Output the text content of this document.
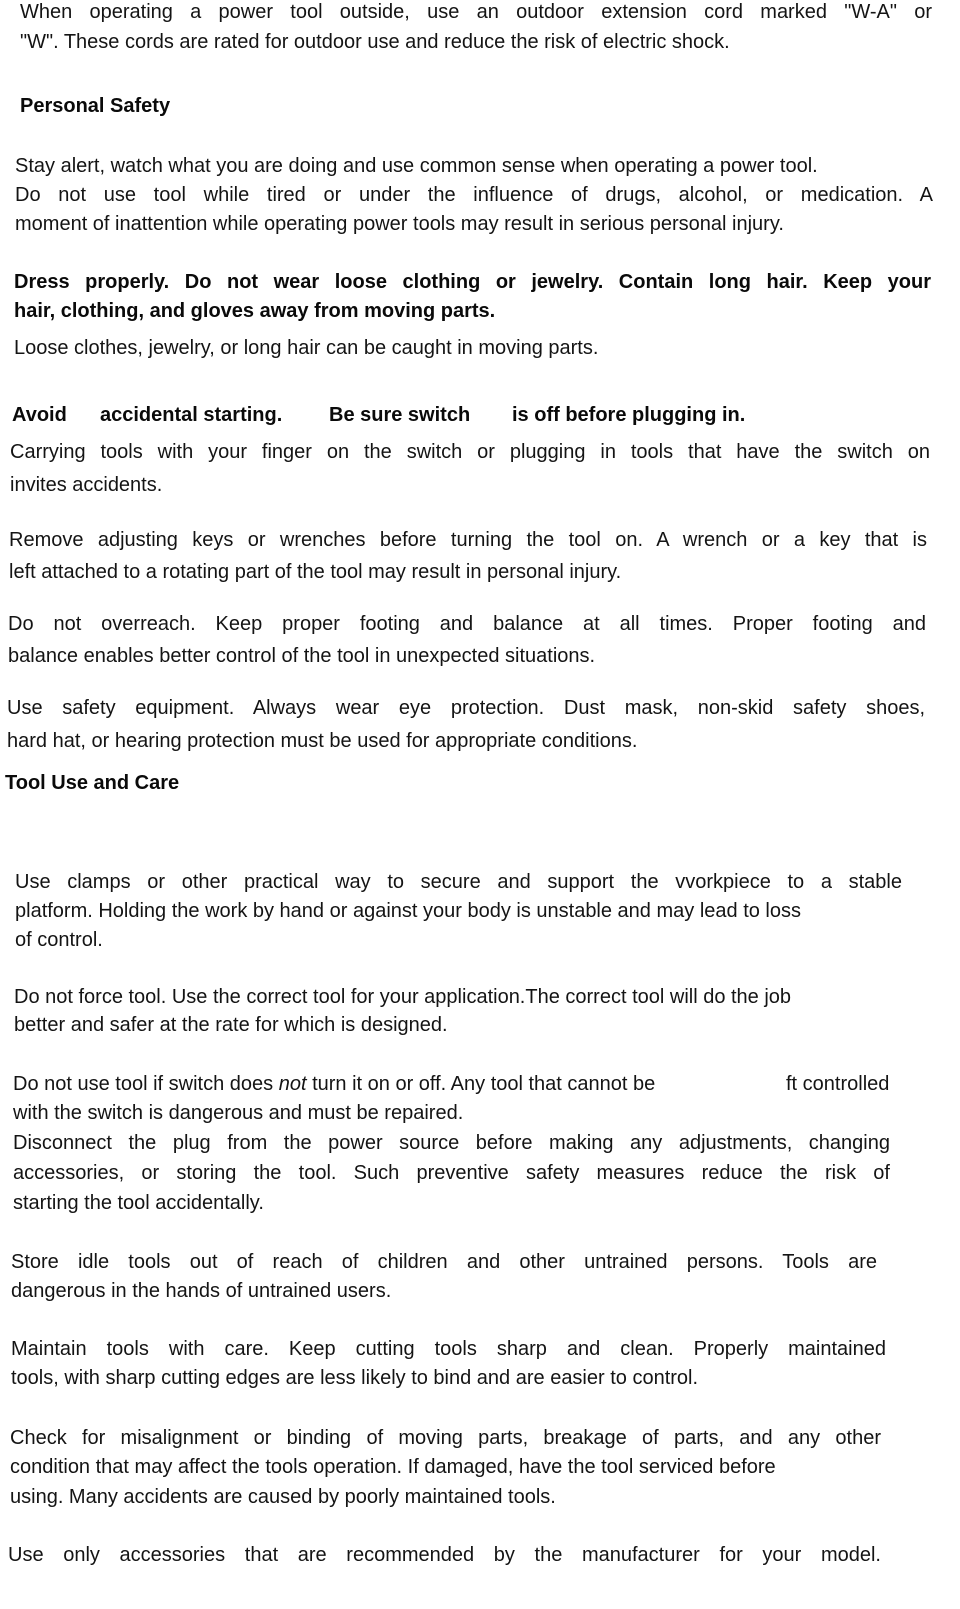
When operating a power tool outside, use an outdoor extension cord marked "W-A" or
"W". These cords are rated for outdoor use and reduce the risk of electric shock.
Personal Safety
Stay alert, watch what you are doing and use common sense when operating a power tool.
Do not use tool while tired or under the influence of drugs, alcohol, or medication. A
moment of inattention while operating power tools may result in serious personal injury.
Dress properly. Do not wear loose clothing or jewelry. Contain long hair. Keep your
hair, clothing, and gloves away from moving parts.
Loose clothes, jewelry, or long hair can be caught in moving parts.
Avoid accidental starting. Be sure switch is off before plugging in.
Carrying tools with your finger on the switch or plugging in tools that have the switch on
invites accidents.
Remove adjusting keys or wrenches before turning the tool on. A wrench or a key that is
left attached to a rotating part of the tool may result in personal injury.
Do not overreach. Keep proper footing and balance at all times. Proper footing and
balance enables better control of the tool in unexpected situations.
Use safety equipment. Always wear eye protection. Dust mask, non-skid safety shoes,
hard hat, or hearing protection must be used for appropriate conditions.
Tool Use and Care
Use clamps or other practical way to secure and support the vvorkpiece to a stable
platform. Holding the work by hand or against your body is unstable and may lead to loss
of control.
Do not force tool. Use the correct tool for your application.The correct tool will do the job
better and safer at the rate for which is designed.
Do not use tool if switch does not turn it on or off. Any tool that cannot be	ft controlled
with the switch is dangerous and must be repaired.
Disconnect the plug from the power source before making any adjustments, changing
accessories, or storing the tool. Such preventive safety measures reduce the risk of
starting the tool accidentally.
Store idle tools out of reach of children and other untrained persons. Tools are
dangerous in the hands of untrained users.
Maintain tools with care. Keep cutting tools sharp and clean. Properly maintained
tools, with sharp cutting edges are less likely to bind and are easier to control.
Check for misalignment or binding of moving parts, breakage of parts, and any other
condition that may affect the tools operation. If damaged, have the tool serviced before
using. Many accidents are caused by poorly maintained tools.
Use only accessories that are recommended by the manufacturer for your model.
